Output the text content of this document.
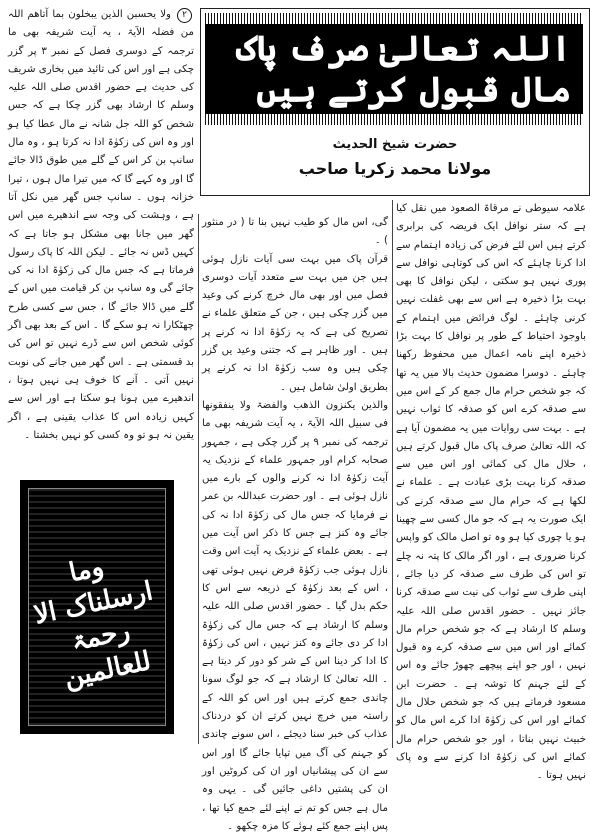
اللہ تعالیٰ صرف پاک مال قبول کرتے ہیں
حضرت شیخ الحدیث
مولانا محمد زکریا صاحب

علامہ سیوطی نے مرقاۃ الصعود میں نقل کیا ہے کہ ستر نوافل ایک فریضہ کی برابری کرتے ہیں اس لئے فرض کی زیادہ اہتمام سے ادا کرنا چاہئے کہ اس کی کوتاہی نوافل سے پوری نہیں ہو سکتی ، لیکن نوافل کا بھی بہت بڑا ذخیرہ ہے اس سے بھی غفلت نہیں کرنی چاہئے ۔ لوگ فرائض میں اہتمام کے باوجود احتیاط کے طور پر نوافل کا بہت بڑا ذخیرہ اپنے نامہ اعمال میں محفوظ رکھنا چاہئے ۔ دوسرا مضمون حدیث بالا میں یہ تھا کہ جو شخص حرام مال جمع کر کے اس میں سے صدقہ کرے اس کو صدقہ کا ثواب نہیں ہے ۔ بہت سی روایات میں یہ مضمون آیا ہے کہ اللہ تعالیٰ صرف پاک مال قبول کرتے ہیں ، حلال مال کی کمائی اور اس میں سے صدقہ کرنا بہت بڑی عبادت ہے ۔ علماء نے لکھا ہے کہ حرام مال سے صدقہ کرنے کی ایک صورت یہ ہے کہ جو مال کسی سے چھینا ہو یا چوری کیا ہو وہ تو اصل مالک کو واپس کرنا ضروری ہے ، اور اگر مالک کا پتہ نہ چلے تو اس کی طرف سے صدقہ کر دیا جائے ، اپنی طرف سے ثواب کی نیت سے صدقہ کرنا جائز نہیں ۔ حضور اقدس صلی اللہ علیہ وسلم کا ارشاد ہے کہ جو شخص حرام مال کمائے اور اس میں سے صدقہ کرے وہ قبول نہیں ، اور جو اپنے پیچھے چھوڑ جائے وہ اس کے لئے جہنم کا توشہ ہے ۔ حضرت ابن مسعود فرماتے ہیں کہ جو شخص حلال مال کمائے اور اس کی زکوٰۃ ادا کرے اس مال کو خبیث نہیں بناتا ، اور جو شخص حرام مال کمائے اس کی زکوٰۃ ادا کرنے سے وہ پاک نہیں ہوتا ۔

گی، اس مال کو طیب نہیں بنا تا ( در منثور ) ۔

قرآن پاک میں بہت سی آیات نازل ہوئی ہیں جن میں بہت سے متعدد آیات دوسری فصل میں اور بھی مال خرچ کرنے کی وعید میں گزر چکی ہیں ، جن کے متعلق علماء نے تصریح کی ہے کہ یہ زکوٰۃ ادا نہ کرنے پر ہیں ۔ اور ظاہر ہے کہ جتنی وعید یں گزر چکی ہیں وہ سب زکوٰۃ ادا نہ کرنے پر بطریق اولیٰ شامل ہیں ۔

والذین یکنزون الذھب والفضۃ ولا ینفقونھا فی سبیل اللہ الآیۃ ، یہ آیت شریفہ بھی ما ترجمہ کی نمبر ۹ پر گزر چکی ہے ، جمہور صحابہ کرام اور جمہور علماء کے نزدیک یہ آیت زکوٰۃ ادا نہ کرنے والوں کے بارے میں نازل ہوئی ہے ۔ اور حضرت عبداللہ بن عمر نے فرمایا کہ جس مال کی زکوٰۃ ادا نہ کی جائے وہ کنز ہے جس کا ذکر اس آیت میں ہے ۔ بعض علماء کے نزدیک یہ آیت اس وقت نازل ہوئی جب زکوٰۃ فرض نہیں ہوئی تھی ، اس کے بعد زکوٰۃ کے ذریعہ سے اس کا حکم بدل گیا ۔ حضور اقدس صلی اللہ علیہ وسلم کا ارشاد ہے کہ جس مال کی زکوٰۃ ادا کر دی جائے وہ کنز نہیں ، اس کی زکوٰۃ کا ادا کر دینا اس کے شر کو دور کر دیتا ہے ۔ اللہ تعالیٰ کا ارشاد ہے کہ جو لوگ سونا چاندی جمع کرتے ہیں اور اس کو اللہ کے راستہ میں خرچ نہیں کرتے ان کو دردناک عذاب کی خبر سنا دیجئے ، اس سونے چاندی کو جہنم کی آگ میں تپایا جائے گا اور اس سے ان کی پیشانیاں اور ان کی کروٹیں اور ان کی پشتیں داغی جائیں گی ۔ یہی وہ مال ہے جس کو تم نے اپنے لئے جمع کیا تھا ، پس اپنے جمع کئے ہوئے کا مزہ چکھو ۔

۲ ولا یحسبن الذین یبخلون بما آتاھم اللہ من فضلہ الآیۃ ، یہ آیت شریفہ بھی ما ترجمہ کے دوسری فصل کے نمبر ۳ پر گزر چکی ہے اور اس کی تائید میں بخاری شریف کی حدیث ہے حضور اقدس صلی اللہ علیہ وسلم کا ارشاد بھی گزر چکا ہے کہ جس شخص کو اللہ جل شانہ نے مال عطا کیا ہو اور وہ اس کی زکوٰۃ ادا نہ کرتا ہو ، وہ مال سانپ بن کر اس کے گلے میں طوق ڈالا جائے گا اور وہ کہے گا کہ میں تیرا مال ہوں ، تیرا خزانہ ہوں ۔ سانپ جس گھر میں نکل آتا ہے ، وہشت کی وجہ سے اندھیرے میں اس گھر میں جانا بھی مشکل ہو جاتا ہے کہ کہیں ڈس نہ جائے ۔ لیکن اللہ کا پاک رسول فرماتا ہے کہ جس مال کی زکوٰۃ ادا نہ کی جائے گی وہ سانپ بن کر قیامت میں اس کے گلے میں ڈالا جائے گا ، جس سے کسی طرح چھٹکارا نہ ہو سکے گا ۔ اس کے بعد بھی اگر کوئی شخص اس سے ڈرے نہیں تو اس کی بد قسمتی ہے ۔ اس گھر میں جانے کی نوبت نہیں آتی ۔ آنے کا خوف ہی نہیں ہوتا ، اندھیرے میں ہونا ہو سکتا ہے اور اس سے کہیں زیادہ اس کا عذاب یقینی ہے ، اگر یقین نہ ہو تو وہ کسی کو نہیں بخشتا ۔

وما ارسلناک الا رحمۃ للعالمین
